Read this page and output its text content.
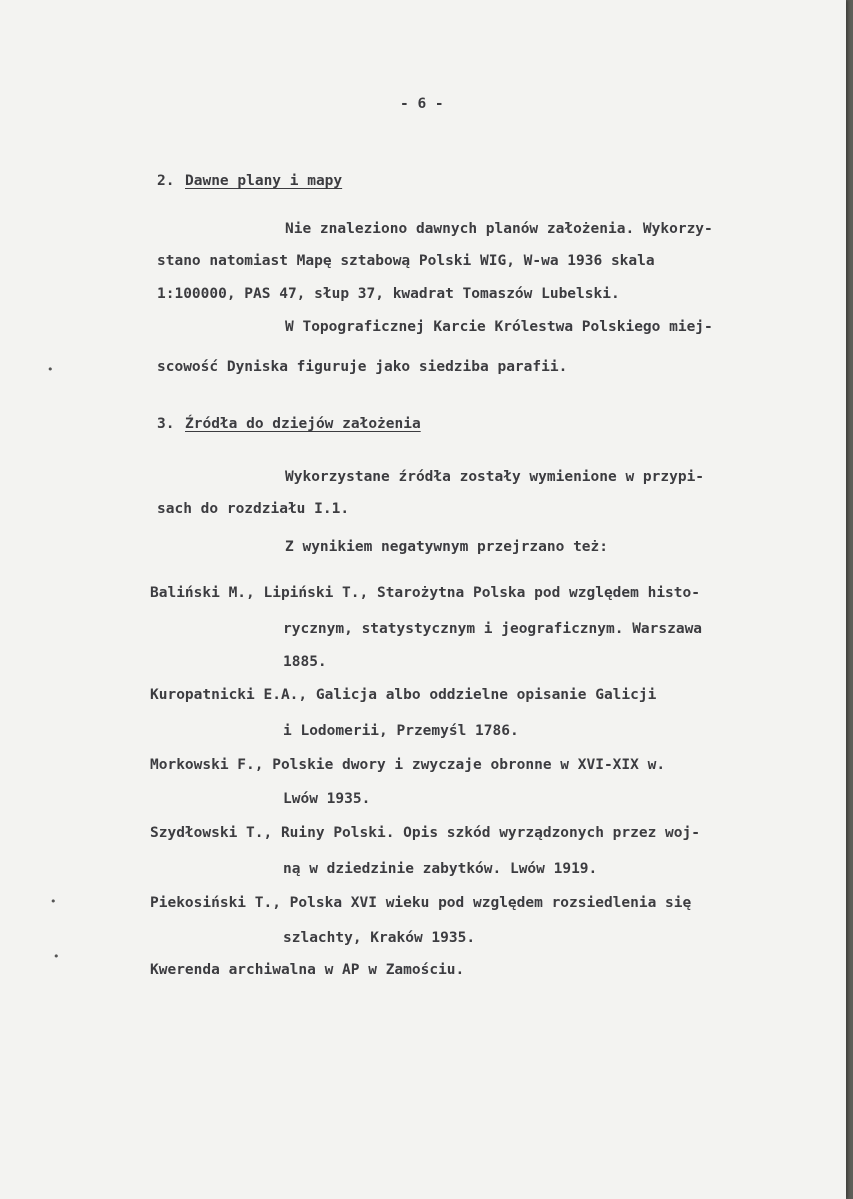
- 6 -
2. Dawne plany i mapy
Nie znaleziono dawnych planów założenia. Wykorzy-
stano natomiast Mapę sztabową Polski WIG, W-wa 1936 skala
1:100000, PAS 47, słup 37, kwadrat Tomaszów Lubelski.
W Topograficznej Karcie Królestwa Polskiego miej-
scowość Dyniska figuruje jako siedziba parafii.
3. Źródła do dziejów założenia
Wykorzystane źródła zostały wymienione w przypi-
sach do rozdziału I.1.
Z wynikiem negatywnym przejrzano też:
Baliński M., Lipiński T., Starożytna Polska pod względem histo-
rycznym, statystycznym i jeograficznym. Warszawa
1885.
Kuropatnicki E.A., Galicja albo oddzielne opisanie Galicji
i Lodomerii, Przemyśl 1786.
Morkowski F., Polskie dwory i zwyczaje obronne w XVI-XIX w.
Lwów 1935.
Szydłowski T., Ruiny Polski. Opis szkód wyrządzonych przez woj-
ną w dziedzinie zabytków. Lwów 1919.
Piekosiński T., Polska XVI wieku pod względem rozsiedlenia się
szlachty, Kraków 1935.
Kwerenda archiwalna w AP w Zamościu.
•
•
•
